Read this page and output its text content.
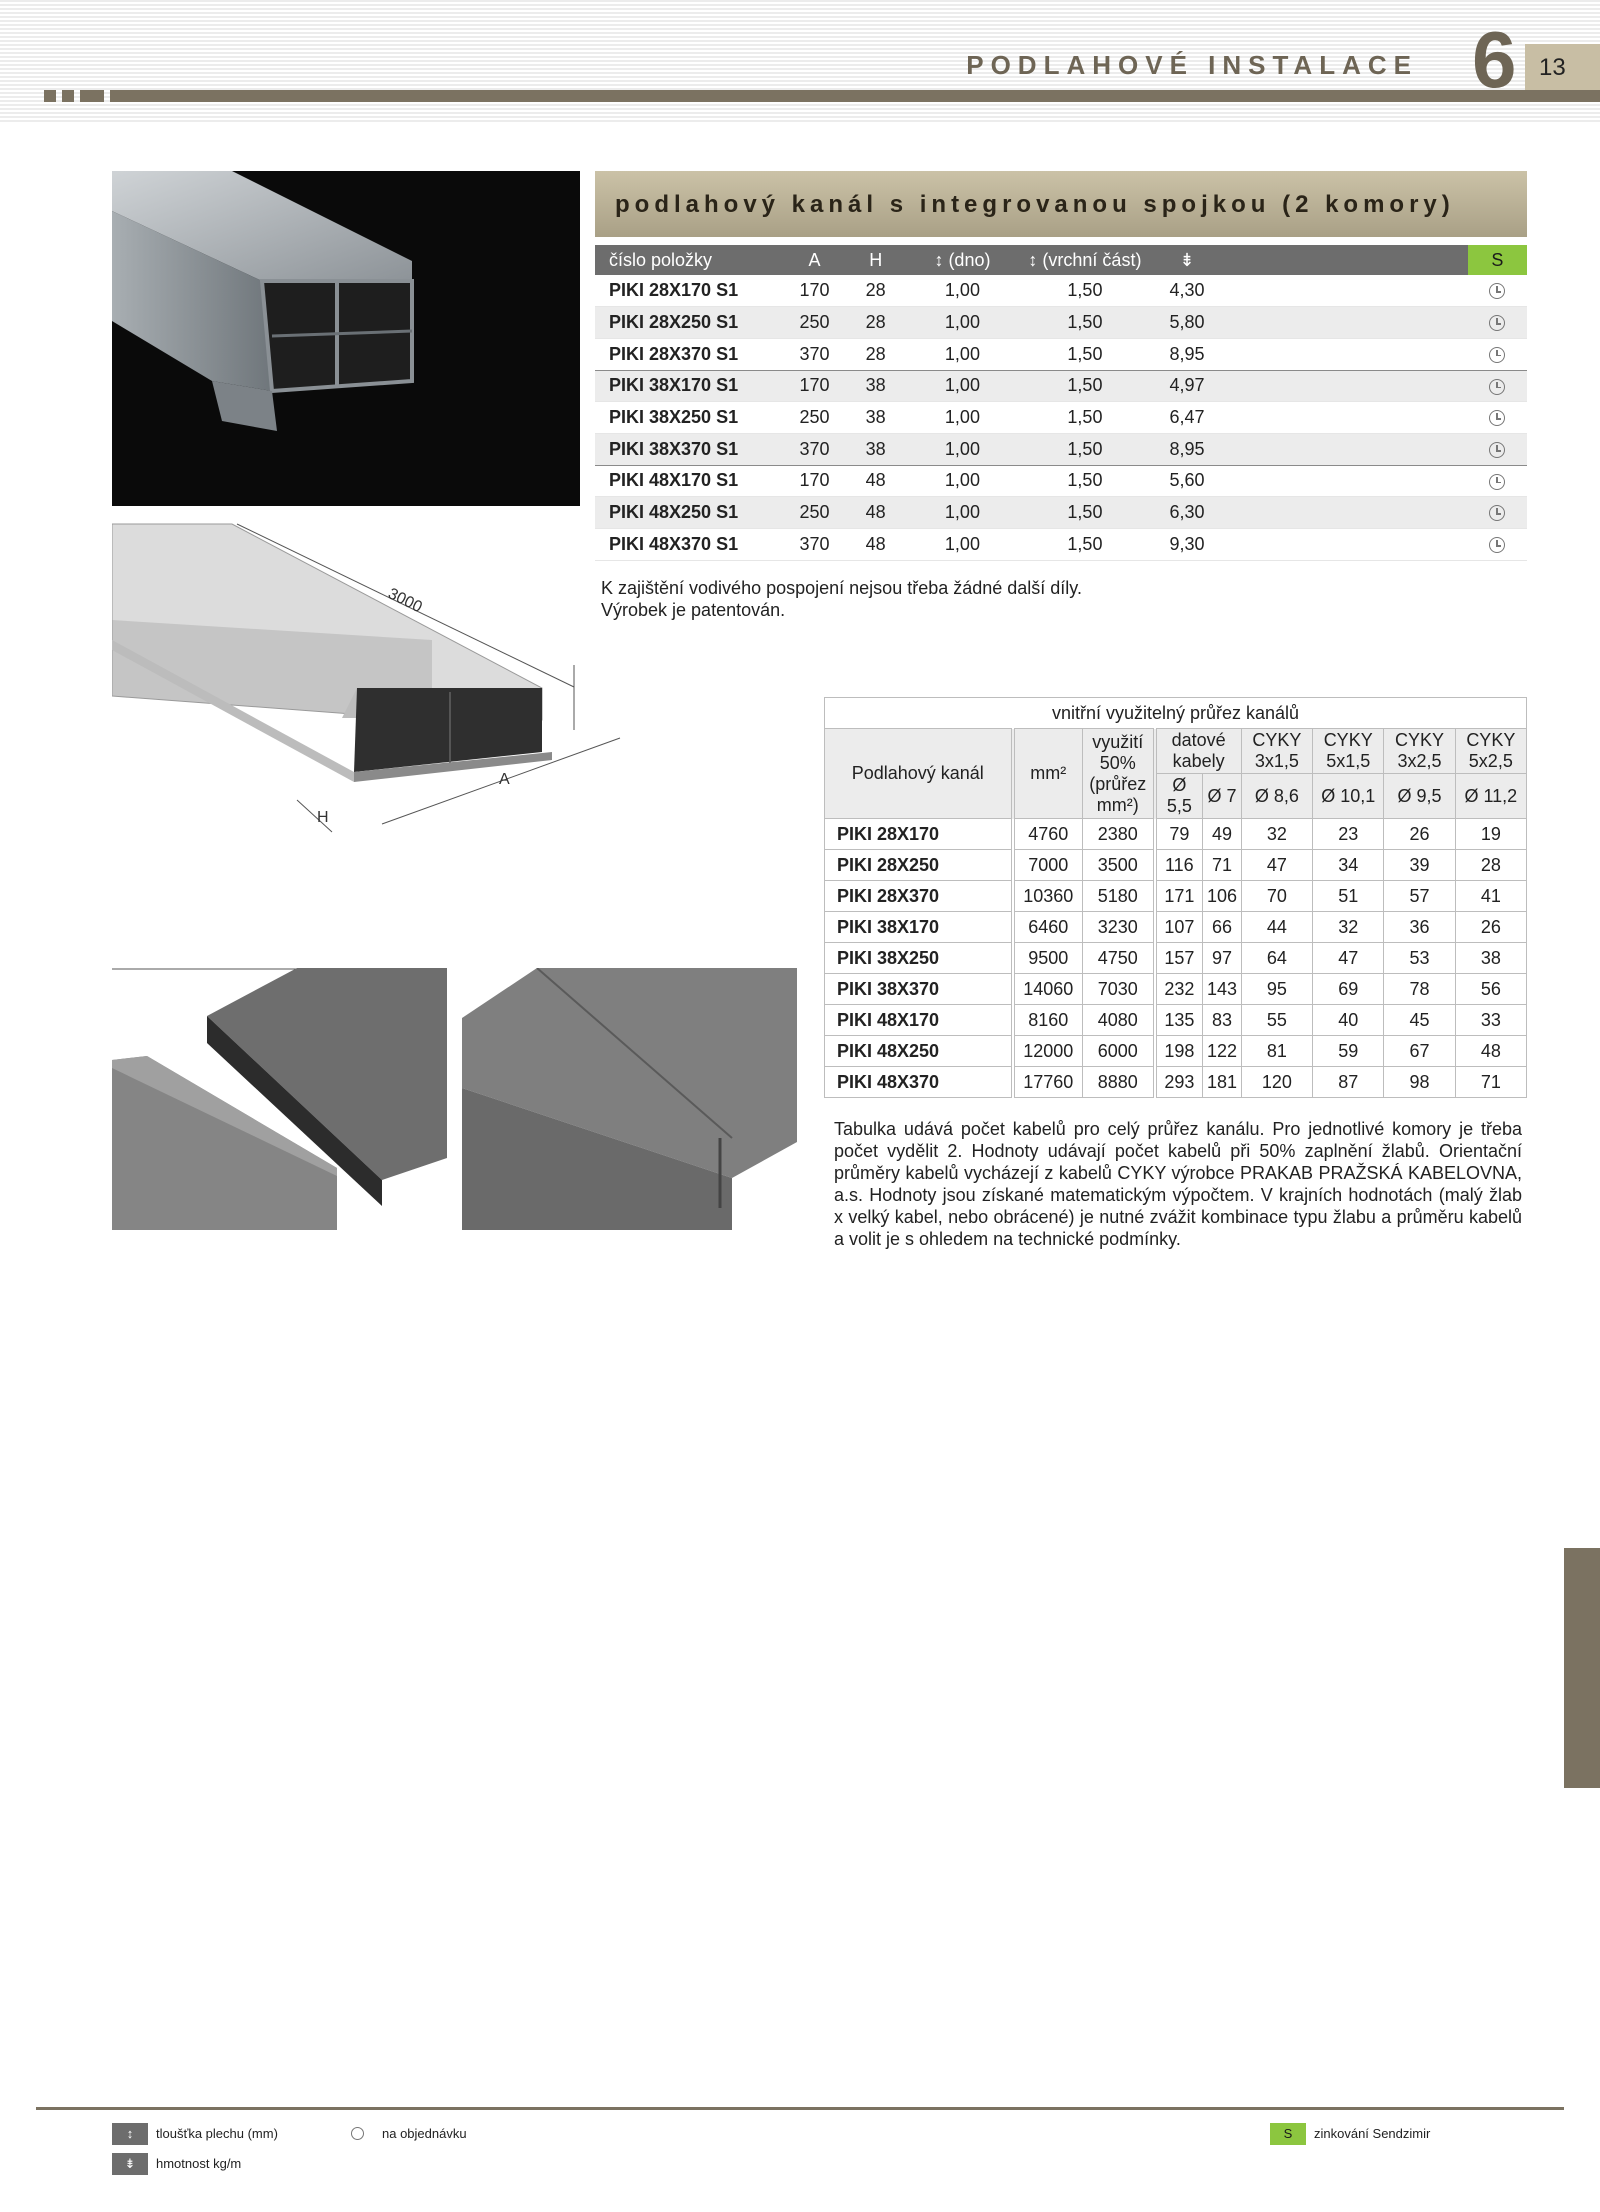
PODLAHOVÉ INSTALACE 6 13
podlahový kanál s integrovanou spojkou (2 komory)
číslo položky	A	H	↕ (dno)	↕ (vrchní část)	⇟		S
PIKI 28X170 S1	170	28	1,00	1,50	4,30		
PIKI 28X250 S1	250	28	1,00	1,50	5,80		
PIKI 28X370 S1	370	28	1,00	1,50	8,95		
PIKI 38X170 S1	170	38	1,00	1,50	4,97		
PIKI 38X250 S1	250	38	1,00	1,50	6,47		
PIKI 38X370 S1	370	38	1,00	1,50	8,95		
PIKI 48X170 S1	170	48	1,00	1,50	5,60		
PIKI 48X250 S1	250	48	1,00	1,50	6,30		
PIKI 48X370 S1	370	48	1,00	1,50	9,30		
K zajištění vodivého pospojení nejsou třeba žádné další díly.
Výrobek je patentován.
3000
A
H
vnitřní využitelný průřez kanálů								
Podlahový kanál	mm²	využití 50% (průřez mm²)	datové kabely		CYKY 3x1,5	CYKY 5x1,5	CYKY 3x2,5	CYKY 5x2,5
			Ø 5,5	Ø 7	Ø 8,6	Ø 10,1	Ø 9,5	Ø 11,2
PIKI 28X170	4760	2380	79	49	32	23	26	19
PIKI 28X250	7000	3500	116	71	47	34	39	28
PIKI 28X370	10360	5180	171	106	70	51	57	41
PIKI 38X170	6460	3230	107	66	44	32	36	26
PIKI 38X250	9500	4750	157	97	64	47	53	38
PIKI 38X370	14060	7030	232	143	95	69	78	56
PIKI 48X170	8160	4080	135	83	55	40	45	33
PIKI 48X250	12000	6000	198	122	81	59	67	48
PIKI 48X370	17760	8880	293	181	120	87	98	71
Tabulka udává počet kabelů pro celý průřez kanálu. Pro jednotlivé komory je třeba počet vydělit 2. Hodnoty udávají počet kabelů při 50% zaplnění žlabů. Orientační průměry kabelů vycházejí z kabelů CYKY výrobce PRAKAB PRAŽSKÁ KABELOVNA, a.s. Hodnoty jsou získané matematickým výpočtem. V krajních hodnotách (malý žlab x velký kabel, nebo obrácené) je nutné zvážit kombinace typu žlabu a průměru kabelů a volit je s ohledem na technické podmínky.
↕	tloušťka plechu (mm)	na objednávku	S	zinkování Sendzimir
⇟	hmotnost kg/m
